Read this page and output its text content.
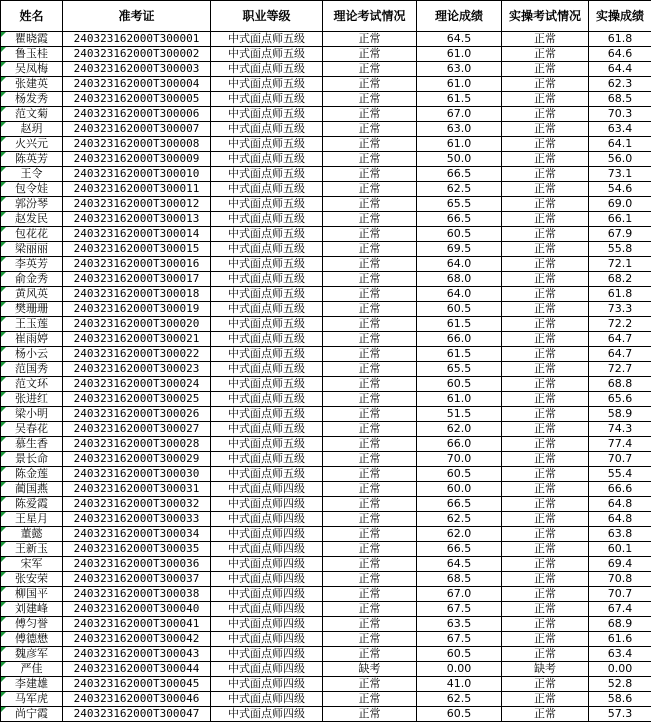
姓名	准考证	职业等级	理论考试情况	理论成绩	实操考试情况	实操成绩
瞿晓霞	240323162000T300001	中式面点师五级	正常	64.5	正常	61.8
鲁玉桂	240323162000T300002	中式面点师五级	正常	61.0	正常	64.6
吴凤梅	240323162000T300003	中式面点师五级	正常	63.0	正常	64.4
张建英	240323162000T300004	中式面点师五级	正常	61.0	正常	62.3
杨发秀	240323162000T300005	中式面点师五级	正常	61.5	正常	68.5
范文菊	240323162000T300006	中式面点师五级	正常	67.0	正常	70.3
赵玥	240323162000T300007	中式面点师五级	正常	63.0	正常	63.4
火兴元	240323162000T300008	中式面点师五级	正常	61.0	正常	64.1
陈英芳	240323162000T300009	中式面点师五级	正常	50.0	正常	56.0
王令	240323162000T300010	中式面点师五级	正常	66.5	正常	73.1
包令娃	240323162000T300011	中式面点师五级	正常	62.5	正常	54.6
郭汾琴	240323162000T300012	中式面点师五级	正常	65.5	正常	69.0
赵发民	240323162000T300013	中式面点师五级	正常	66.5	正常	66.1
包花花	240323162000T300014	中式面点师五级	正常	60.5	正常	67.9
梁丽丽	240323162000T300015	中式面点师五级	正常	69.5	正常	55.8
李英芳	240323162000T300016	中式面点师五级	正常	64.0	正常	72.1
俞金秀	240323162000T300017	中式面点师五级	正常	68.0	正常	68.2
黄风英	240323162000T300018	中式面点师五级	正常	64.0	正常	61.8
樊珊珊	240323162000T300019	中式面点师五级	正常	60.5	正常	73.3
王玉莲	240323162000T300020	中式面点师五级	正常	61.5	正常	72.2
崔雨婷	240323162000T300021	中式面点师五级	正常	66.0	正常	64.7
杨小云	240323162000T300022	中式面点师五级	正常	61.5	正常	64.7
范国秀	240323162000T300023	中式面点师五级	正常	65.5	正常	72.7
范文环	240323162000T300024	中式面点师五级	正常	60.5	正常	68.8
张进红	240323162000T300025	中式面点师五级	正常	61.0	正常	65.6
梁小明	240323162000T300026	中式面点师五级	正常	51.5	正常	58.9
吴春花	240323162000T300027	中式面点师五级	正常	62.0	正常	74.3
慕生香	240323162000T300028	中式面点师五级	正常	66.0	正常	77.4
景长命	240323162000T300029	中式面点师五级	正常	70.0	正常	70.7
陈金莲	240323162000T300030	中式面点师五级	正常	60.5	正常	55.4
蔺国燕	240323162000T300031	中式面点师四级	正常	60.0	正常	66.6
陈爱霞	240323162000T300032	中式面点师四级	正常	66.5	正常	64.8
王星月	240323162000T300033	中式面点师四级	正常	62.5	正常	64.8
董懿	240323162000T300034	中式面点师四级	正常	62.0	正常	63.8
王新玉	240323162000T300035	中式面点师四级	正常	66.5	正常	60.1
宋军	240323162000T300036	中式面点师四级	正常	64.5	正常	69.4
张安荣	240323162000T300037	中式面点师四级	正常	68.5	正常	70.8
柳国平	240323162000T300038	中式面点师四级	正常	67.0	正常	70.7
刘建峰	240323162000T300040	中式面点师四级	正常	67.5	正常	67.4
傅匀誉	240323162000T300041	中式面点师四级	正常	63.5	正常	68.9
傅德懋	240323162000T300042	中式面点师四级	正常	67.5	正常	61.6
魏彦军	240323162000T300043	中式面点师四级	正常	60.5	正常	63.4
严佳	240323162000T300044	中式面点师四级	缺考	0.00	缺考	0.00
李建雄	240323162000T300045	中式面点师四级	正常	41.0	正常	52.8
马军虎	240323162000T300046	中式面点师四级	正常	62.5	正常	58.6
尚宁霞	240323162000T300047	中式面点师四级	正常	60.5	正常	57.3
